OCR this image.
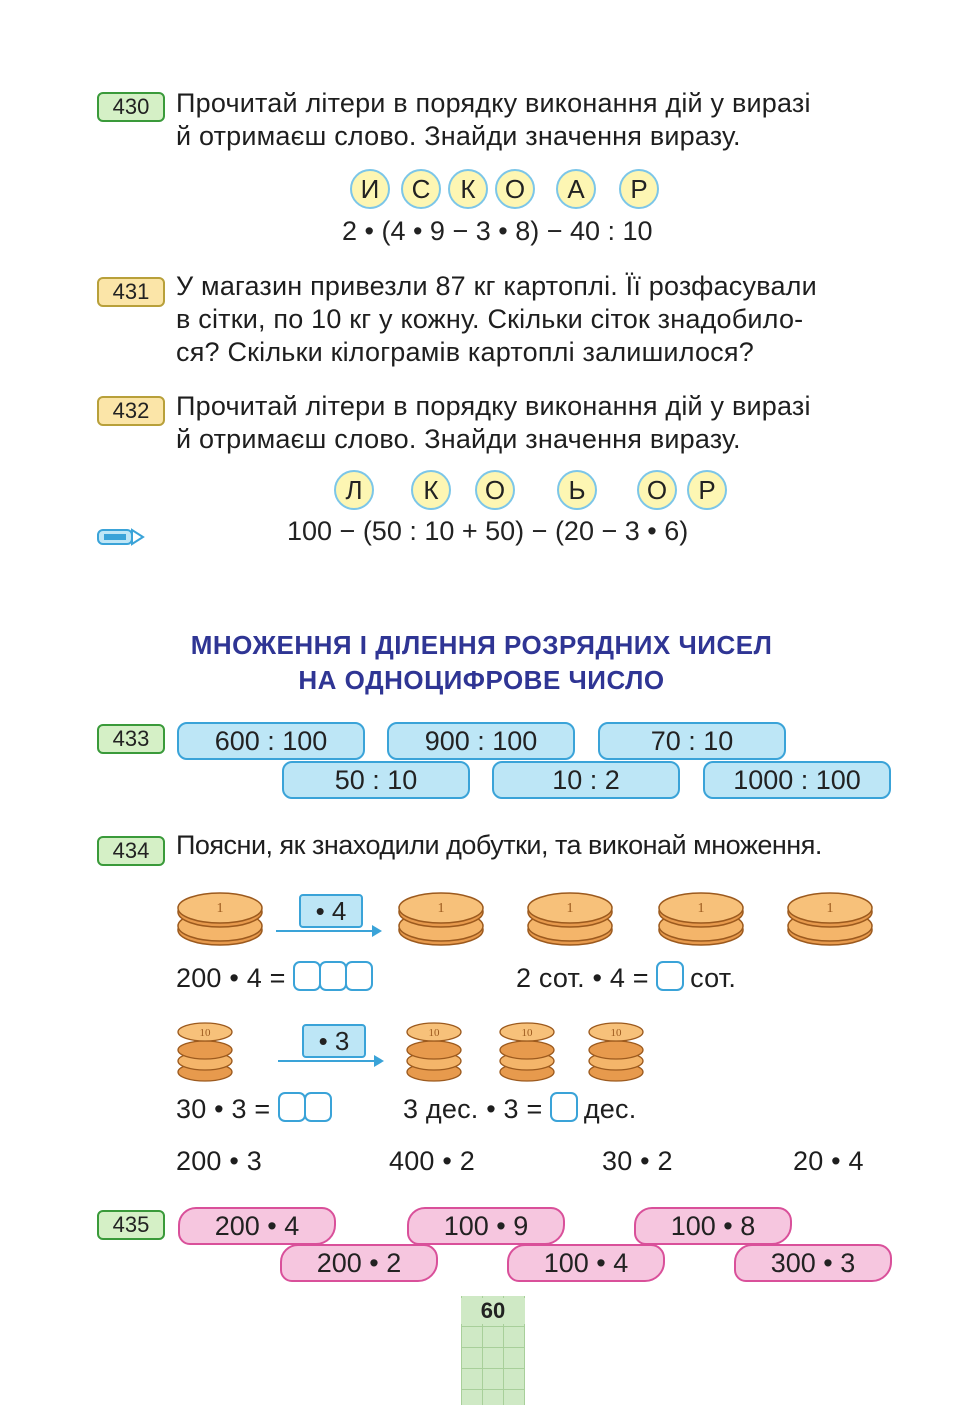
430 Прочитай літери в порядку виконання дій у виразі
й отримаєш слово. Знайди значення виразу.
И	С	К	О	А	Р
2 • (4 • 9 − 3 • 8) − 40 : 10
431 У магазин привезли 87 кг картоплі. Її розфасували
в сітки, по 10 кг у кожну. Скільки сіток знадобило-
ся? Скільки кілограмів картоплі залишилося?
432 Прочитай літери в порядку виконання дій у виразі
й отримаєш слово. Знайди значення виразу.
Л	К	О	Ь	О	Р
100 − (50 : 10 + 50) − (20 − 3 • 6)
МНОЖЕННЯ І ДІЛЕННЯ РОЗРЯДНИХ ЧИСЕЛ
НА ОДНОЦИФРОВЕ ЧИСЛО
433	600 : 100	900 : 100	70 : 10
50 : 10	10 : 2	1000 : 100
434 Поясни, як знаходили добутки, та виконай множення.
1	• 4	1	1	1	1
200 • 4 =	2 сот. • 4 = сот.
10	• 3	10	10	10
30 • 3 =	3 дес. • 3 = дес.
200 • 3	400 • 2	30 • 2	20 • 4
435	200 • 4	100 • 9	100 • 8
200 • 2	100 • 4	300 • 3
60
